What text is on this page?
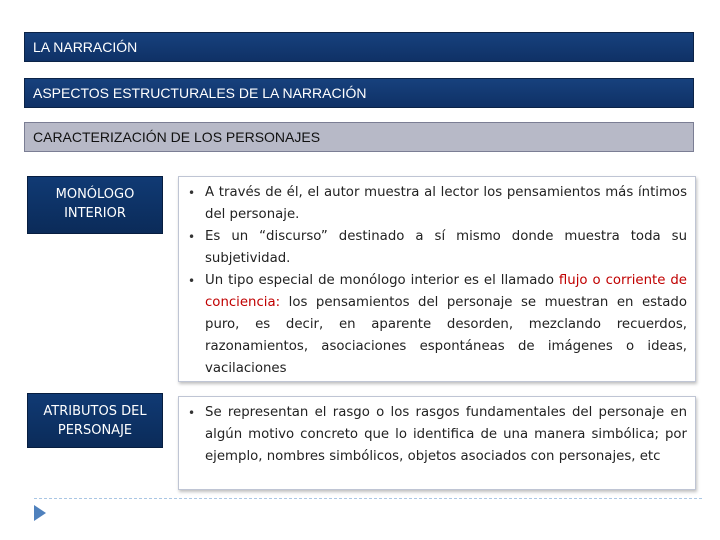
LA NARRACIÓN
ASPECTOS ESTRUCTURALES DE LA NARRACIÓN
CARACTERIZACIÓN DE LOS PERSONAJES
MONÓLOGO INTERIOR
• A través de él, el autor muestra al lector los pensamientos más íntimos del personaje.
• Es un “discurso” destinado a sí mismo donde muestra toda su subjetividad.
• Un tipo especial de monólogo interior es el llamado flujo o corriente de conciencia: los pensamientos del personaje se muestran en estado puro, es decir, en aparente desorden, mezclando recuerdos, razonamientos, asociaciones espontáneas de imágenes o ideas, vacilaciones
ATRIBUTOS DEL PERSONAJE
• Se representan el rasgo o los rasgos fundamentales del personaje en algún motivo concreto que lo identifica de una manera simbólica; por ejemplo, nombres simbólicos, objetos asociados con personajes, etc
